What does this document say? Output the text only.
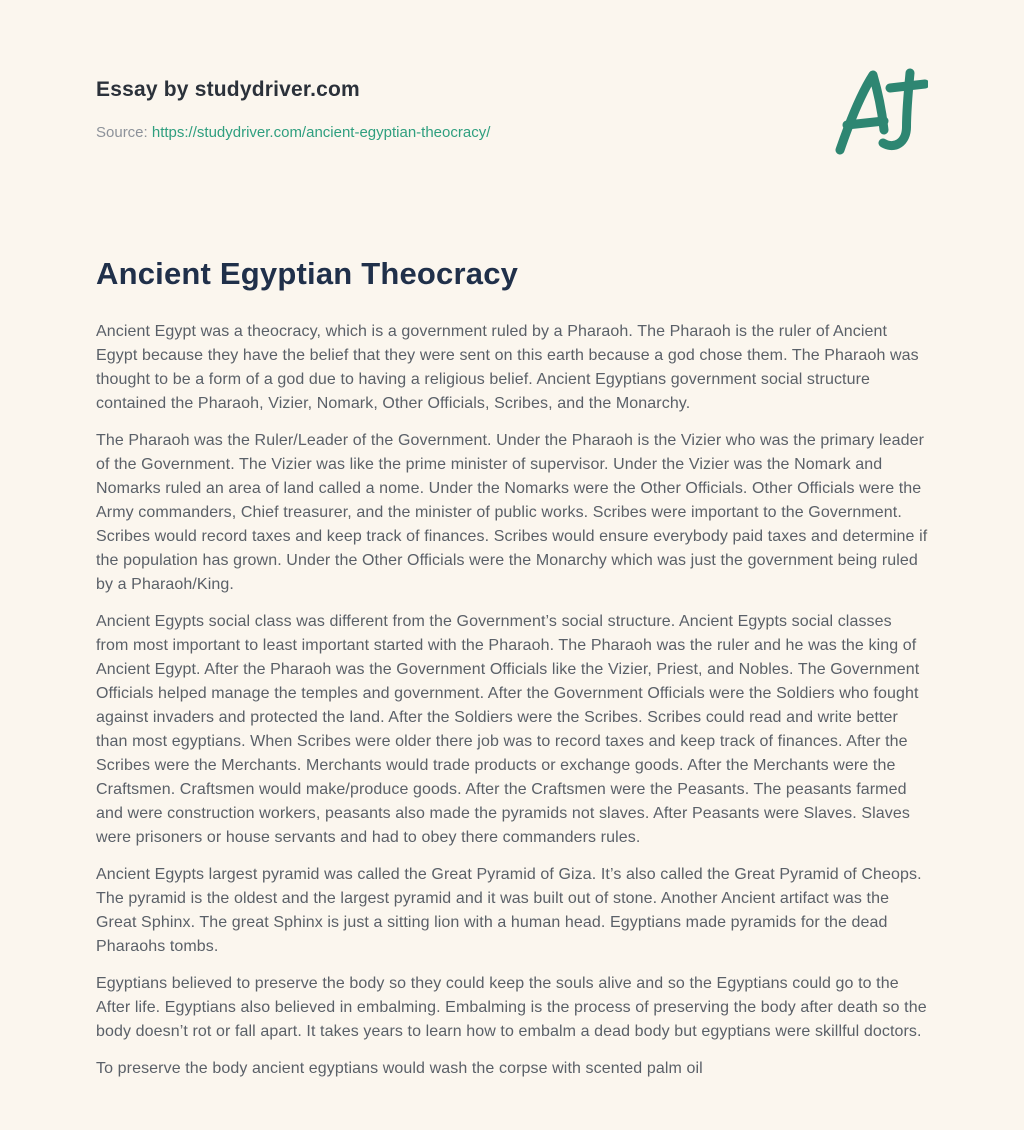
Essay by studydriver.com
Source: https://studydriver.com/ancient-egyptian-theocracy/
Ancient Egyptian Theocracy

Ancient Egypt was a theocracy, which is a government ruled by a Pharaoh. The Pharaoh is the ruler of Ancient Egypt because they have the belief that they were sent on this earth because a god chose them. The Pharaoh was thought to be a form of a god due to having a religious belief. Ancient Egyptians government social structure contained the Pharaoh, Vizier, Nomark, Other Officials, Scribes, and the Monarchy.

The Pharaoh was the Ruler/Leader of the Government. Under the Pharaoh is the Vizier who was the primary leader of the Government. The Vizier was like the prime minister of supervisor. Under the Vizier was the Nomark and Nomarks ruled an area of land called a nome. Under the Nomarks were the Other Officials. Other Officials were the Army commanders, Chief treasurer, and the minister of public works. Scribes were important to the Government. Scribes would record taxes and keep track of finances. Scribes would ensure everybody paid taxes and determine if the population has grown. Under the Other Officials were the Monarchy which was just the government being ruled by a Pharaoh/King.

Ancient Egypts social class was different from the Government’s social structure. Ancient Egypts social classes from most important to least important started with the Pharaoh. The Pharaoh was the ruler and he was the king of Ancient Egypt. After the Pharaoh was the Government Officials like the Vizier, Priest, and Nobles. The Government Officials helped manage the temples and government. After the Government Officials were the Soldiers who fought against invaders and protected the land. After the Soldiers were the Scribes. Scribes could read and write better than most egyptians. When Scribes were older there job was to record taxes and keep track of finances. After the Scribes were the Merchants. Merchants would trade products or exchange goods. After the Merchants were the Craftsmen. Craftsmen would make/produce goods. After the Craftsmen were the Peasants. The peasants farmed and were construction workers, peasants also made the pyramids not slaves. After Peasants were Slaves. Slaves were prisoners or house servants and had to obey there commanders rules.

Ancient Egypts largest pyramid was called the Great Pyramid of Giza. It’s also called the Great Pyramid of Cheops. The pyramid is the oldest and the largest pyramid and it was built out of stone. Another Ancient artifact was the Great Sphinx. The great Sphinx is just a sitting lion with a human head. Egyptians made pyramids for the dead Pharaohs tombs.

Egyptians believed to preserve the body so they could keep the souls alive and so the Egyptians could go to the After life. Egyptians also believed in embalming. Embalming is the process of preserving the body after death so the body doesn’t rot or fall apart. It takes years to learn how to embalm a dead body but egyptians were skillful doctors.

To preserve the body ancient egyptians would wash the corpse with scented palm oil
